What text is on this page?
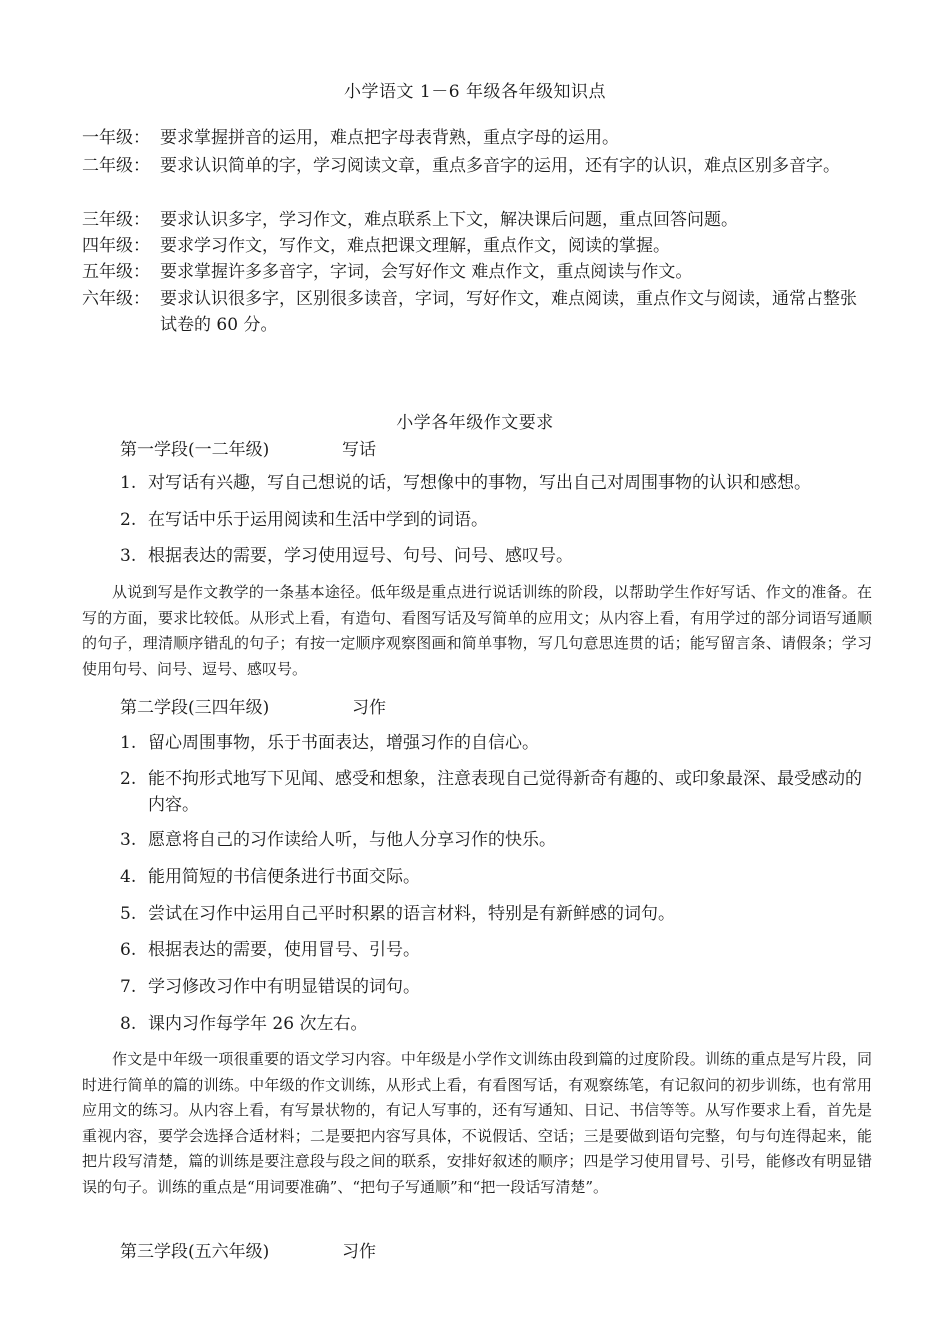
小学语文 1－6 年级各年级知识点
一年级： 要求掌握拼音的运用，难点把字母表背熟，重点字母的运用。
二年级： 要求认识简单的字，学习阅读文章，重点多音字的运用，还有字的认识，难点区别多音字。
三年级： 要求认识多字，学习作文，难点联系上下文，解决课后问题，重点回答问题。
四年级： 要求学习作文，写作文，难点把课文理解，重点作文，阅读的掌握。
五年级： 要求掌握许多多音字，字词，会写好作文 难点作文，重点阅读与作文。
六年级： 要求认识很多字，区别很多读音，字词，写好作文，难点阅读，重点作文与阅读，通常占整张试卷的 60 分。
小学各年级作文要求
第一学段(一二年级)	写话
1. 对写话有兴趣，写自己想说的话，写想像中的事物，写出自己对周围事物的认识和感想。
2. 在写话中乐于运用阅读和生活中学到的词语。
3. 根据表达的需要，学习使用逗号、句号、问号、感叹号。
从说到写是作文教学的一条基本途径。低年级是重点进行说话训练的阶段，以帮助学生作好写话、作文的准备。在写的方面，要求比较低。从形式上看，有造句、看图写话及写简单的应用文；从内容上看，有用学过的部分词语写通顺的句子，理清顺序错乱的句子；有按一定顺序观察图画和简单事物，写几句意思连贯的话；能写留言条、请假条；学习使用句号、问号、逗号、感叹号。
第二学段(三四年级)	习作
1. 留心周围事物，乐于书面表达，增强习作的自信心。
2. 能不拘形式地写下见闻、感受和想象，注意表现自己觉得新奇有趣的、或印象最深、最受感动的内容。
3. 愿意将自己的习作读给人听，与他人分享习作的快乐。
4. 能用简短的书信便条进行书面交际。
5. 尝试在习作中运用自己平时积累的语言材料，特别是有新鲜感的词句。
6. 根据表达的需要，使用冒号、引号。
7. 学习修改习作中有明显错误的词句。
8. 课内习作每学年 26 次左右。
作文是中年级一项很重要的语文学习内容。中年级是小学作文训练由段到篇的过度阶段。训练的重点是写片段，同时进行简单的篇的训练。中年级的作文训练，从形式上看，有看图写话，有观察练笔，有记叙问的初步训练，也有常用应用文的练习。从内容上看，有写景状物的，有记人写事的，还有写通知、日记、书信等等。从写作要求上看，首先是重视内容，要学会选择合适材料；二是要把内容写具体，不说假话、空话；三是要做到语句完整，句与句连得起来，能把片段写清楚，篇的训练是要注意段与段之间的联系，安排好叙述的顺序；四是学习使用冒号、引号，能修改有明显错误的句子。训练的重点是“用词要准确”、“把句子写通顺”和“把一段话写清楚”。
第三学段(五六年级)	习作
